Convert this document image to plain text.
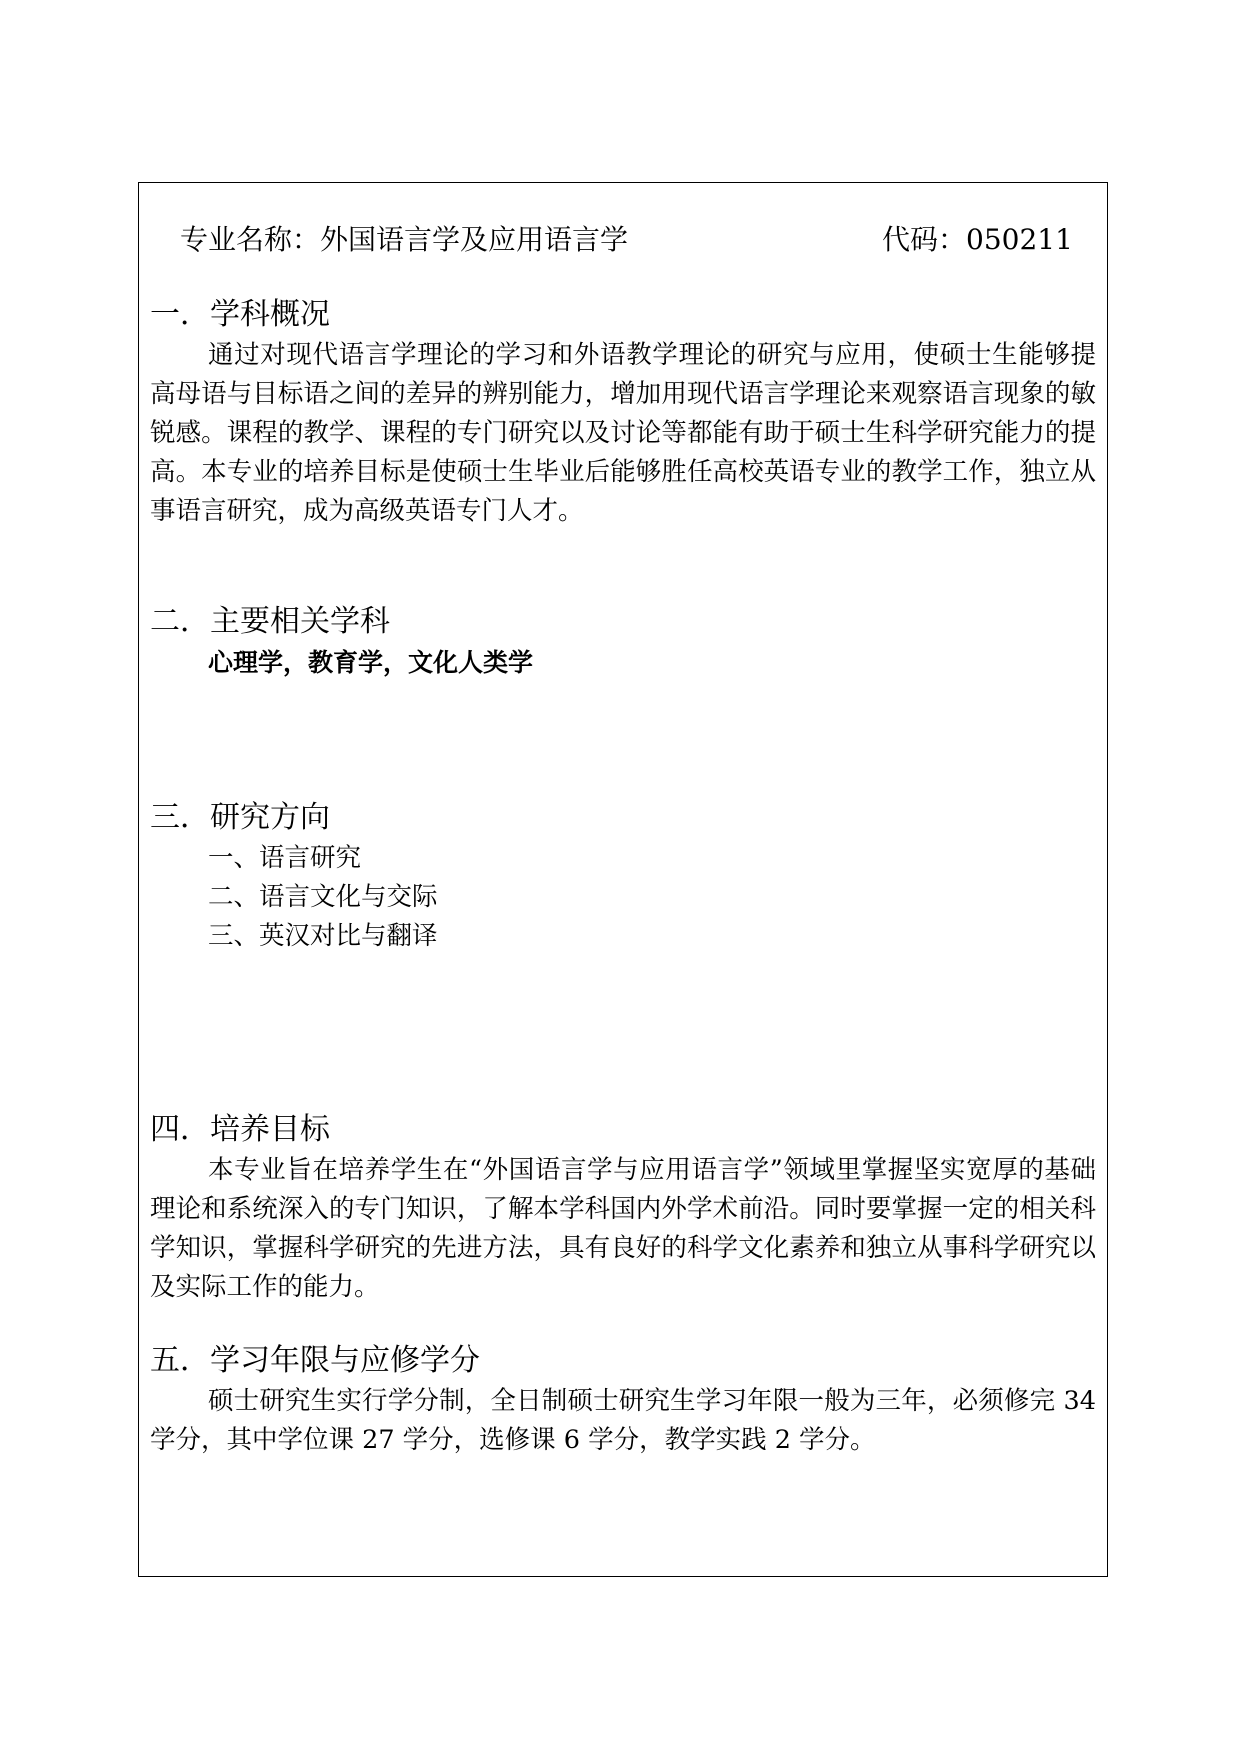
专业名称：外国语言学及应用语言学	代码：050211
一．学科概况

通过对现代语言学理论的学习和外语教学理论的研究与应用，使硕士生能够提高母语与目标语之间的差异的辨别能力，增加用现代语言学理论来观察语言现象的敏锐感。课程的教学、课程的专门研究以及讨论等都能有助于硕士生科学研究能力的提高。本专业的培养目标是使硕士生毕业后能够胜任高校英语专业的教学工作，独立从事语言研究，成为高级英语专门人才。

二．主要相关学科
心理学，教育学，文化人类学
三．研究方向
一、语言研究
二、语言文化与交际
三、英汉对比与翻译
四．培养目标

本专业旨在培养学生在“外国语言学与应用语言学”领域里掌握坚实宽厚的基础理论和系统深入的专门知识，了解本学科国内外学术前沿。同时要掌握一定的相关科学知识，掌握科学研究的先进方法，具有良好的科学文化素养和独立从事科学研究以及实际工作的能力。

五．学习年限与应修学分

硕士研究生实行学分制，全日制硕士研究生学习年限一般为三年，必须修完 34 学分，其中学位课 27 学分，选修课 6 学分，教学实践 2 学分。
